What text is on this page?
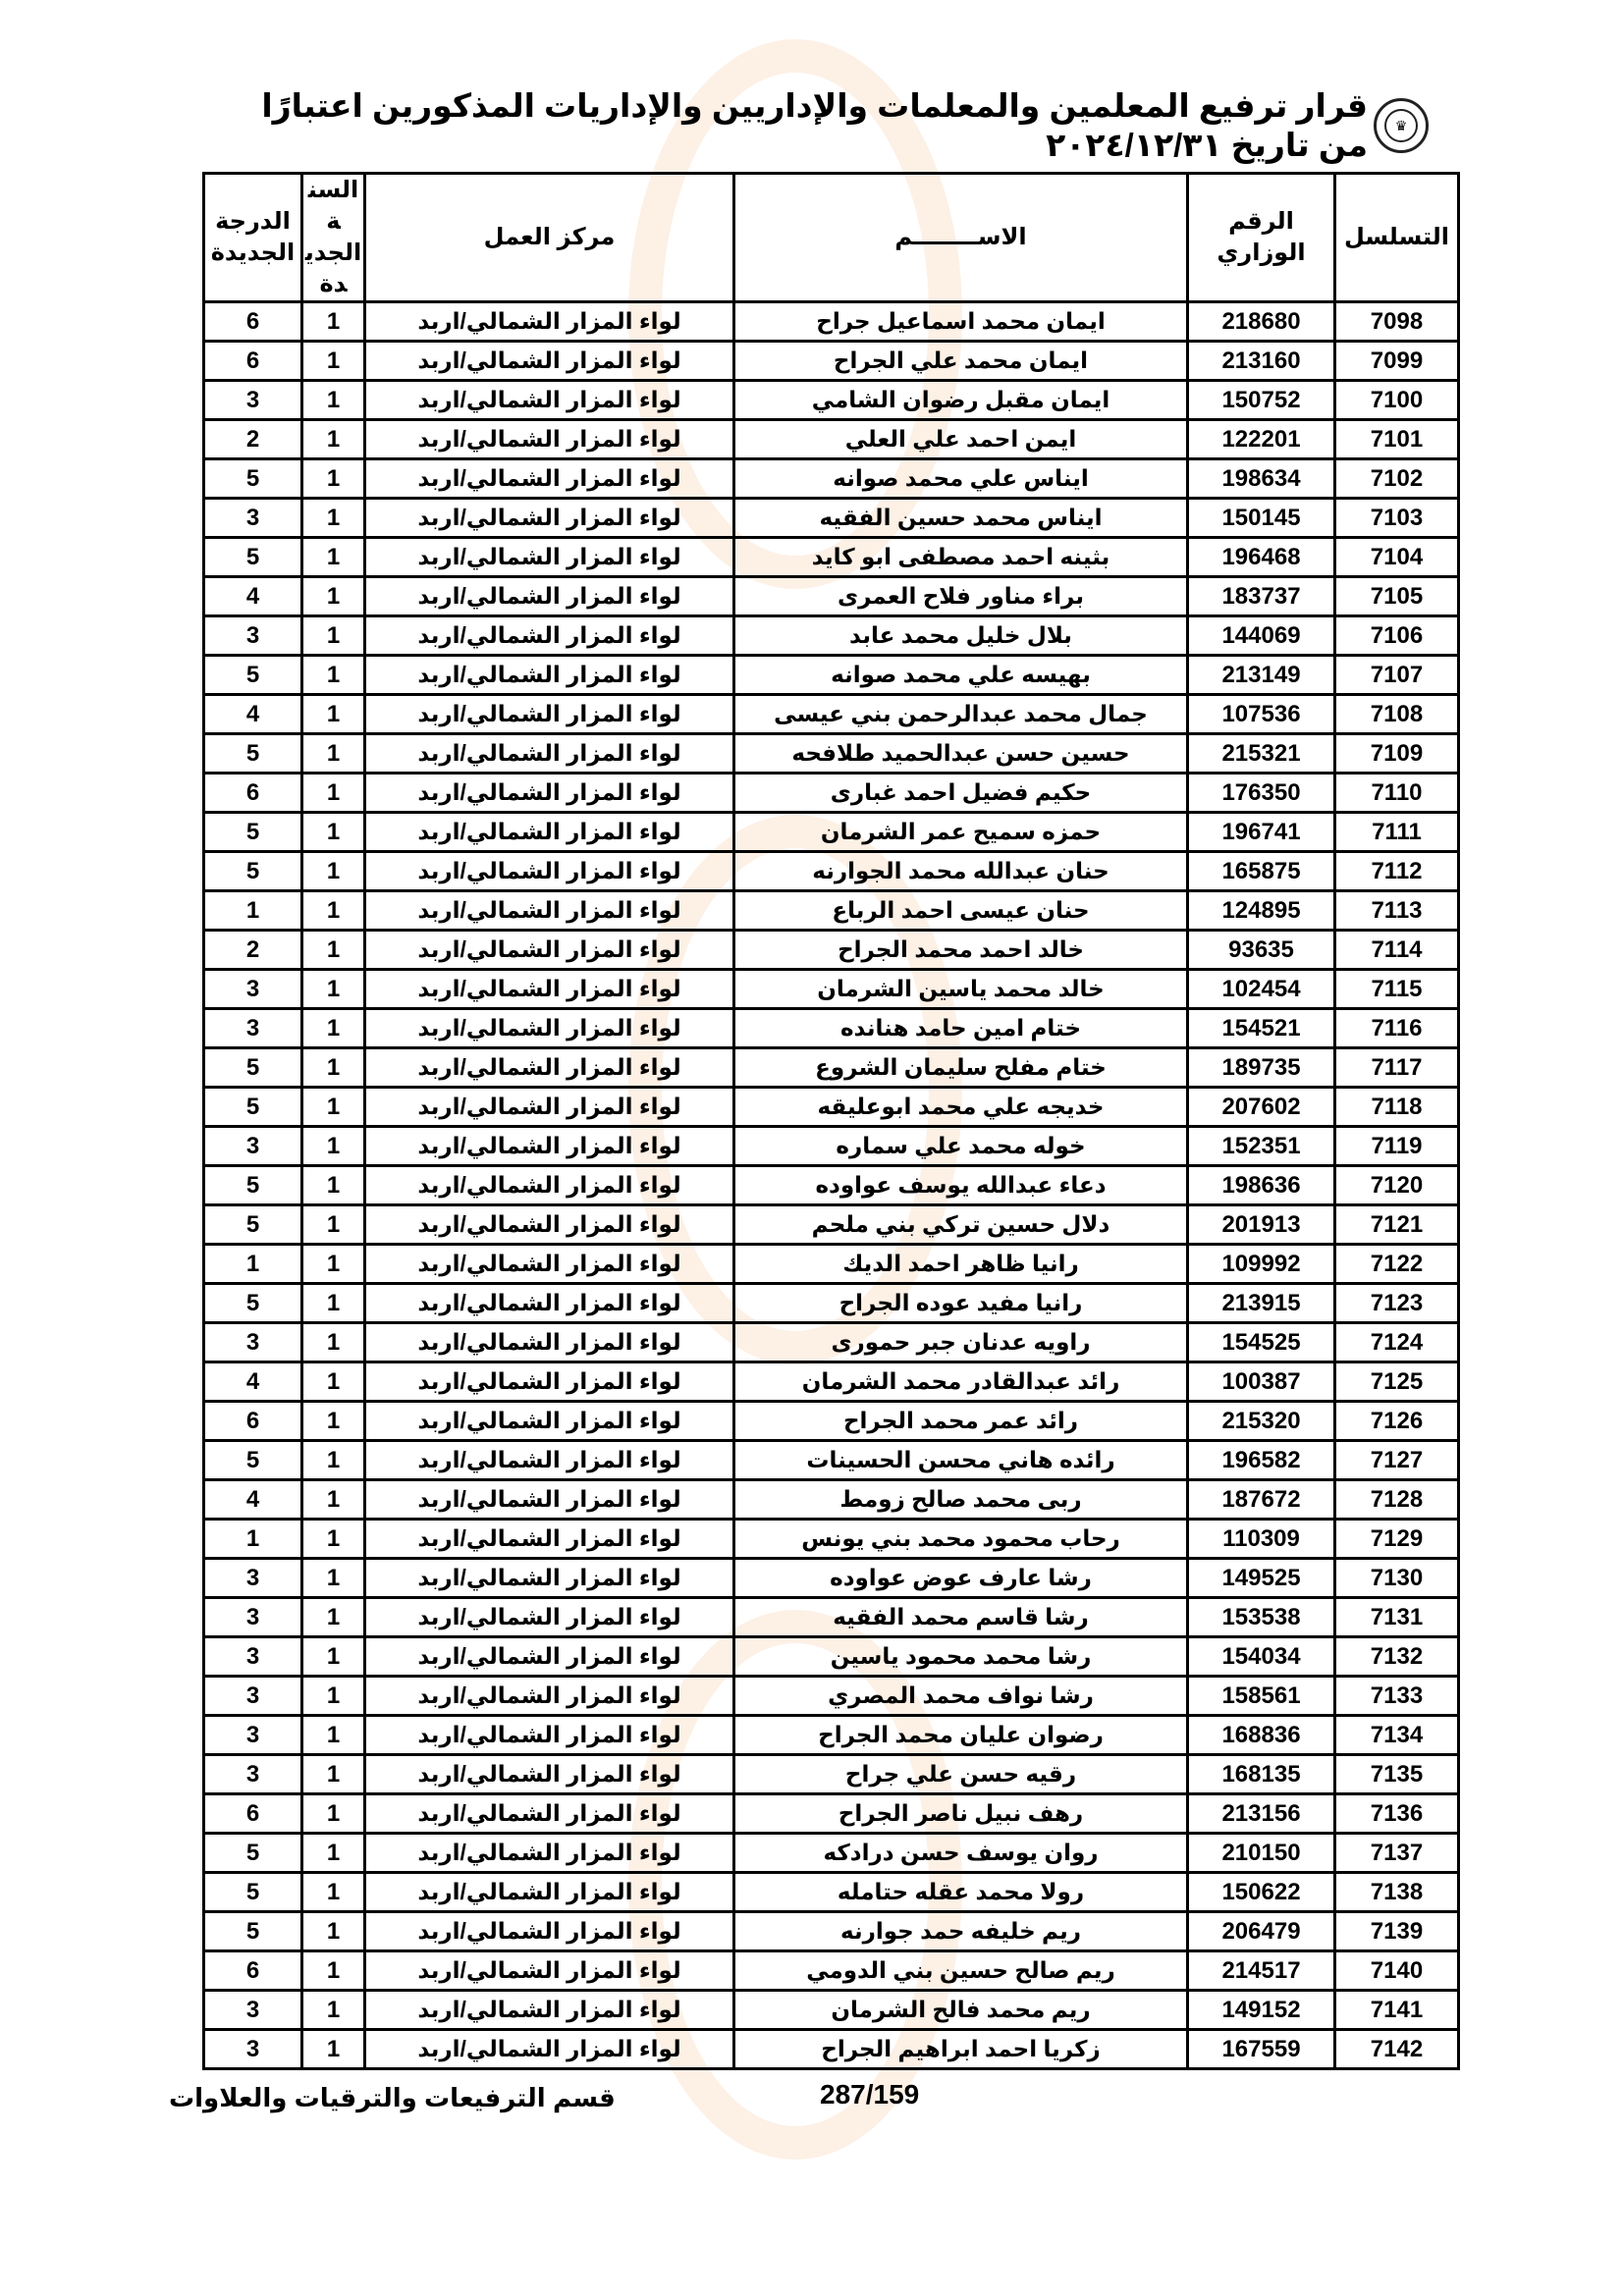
♛
قرار ترفيع المعلمين والمعلمات والإداريين والإداريات المذكورين اعتبارًا من تاريخ ٢٠٢٤/١٢/٣١
التسلسل	الرقم الوزاري	الاســــــــم	مركز العمل	السنة الجديدة	الدرجة الجديدة
7098	218680	ايمان محمد اسماعيل جراح	لواء المزار الشمالي/اربد	1	6
7099	213160	ايمان محمد علي الجراح	لواء المزار الشمالي/اربد	1	6
7100	150752	ايمان مقبل رضوان الشامي	لواء المزار الشمالي/اربد	1	3
7101	122201	ايمن احمد علي العلي	لواء المزار الشمالي/اربد	1	2
7102	198634	ايناس علي محمد صوانه	لواء المزار الشمالي/اربد	1	5
7103	150145	ايناس محمد حسين الفقيه	لواء المزار الشمالي/اربد	1	3
7104	196468	بثينه احمد مصطفى ابو كايد	لواء المزار الشمالي/اربد	1	5
7105	183737	براء مناور فلاح العمرى	لواء المزار الشمالي/اربد	1	4
7106	144069	بلال خليل محمد عابد	لواء المزار الشمالي/اربد	1	3
7107	213149	بهيسه علي محمد صوانه	لواء المزار الشمالي/اربد	1	5
7108	107536	جمال محمد عبدالرحمن بني عيسى	لواء المزار الشمالي/اربد	1	4
7109	215321	حسين حسن عبدالحميد طلافحه	لواء المزار الشمالي/اربد	1	5
7110	176350	حكيم فضيل احمد غبارى	لواء المزار الشمالي/اربد	1	6
7111	196741	حمزه سميح عمر الشرمان	لواء المزار الشمالي/اربد	1	5
7112	165875	حنان عبدالله محمد الجوارنه	لواء المزار الشمالي/اربد	1	5
7113	124895	حنان عيسى احمد الرباع	لواء المزار الشمالي/اربد	1	1
7114	93635	خالد احمد محمد الجراح	لواء المزار الشمالي/اربد	1	2
7115	102454	خالد محمد ياسين الشرمان	لواء المزار الشمالي/اربد	1	3
7116	154521	ختام امين حامد هنانده	لواء المزار الشمالي/اربد	1	3
7117	189735	ختام مفلح سليمان الشروع	لواء المزار الشمالي/اربد	1	5
7118	207602	خديجه علي محمد ابوعليقه	لواء المزار الشمالي/اربد	1	5
7119	152351	خوله محمد علي سماره	لواء المزار الشمالي/اربد	1	3
7120	198636	دعاء عبدالله يوسف عواوده	لواء المزار الشمالي/اربد	1	5
7121	201913	دلال حسين تركي بني ملحم	لواء المزار الشمالي/اربد	1	5
7122	109992	رانيا ظاهر احمد الديك	لواء المزار الشمالي/اربد	1	1
7123	213915	رانيا مفيد عوده الجراح	لواء المزار الشمالي/اربد	1	5
7124	154525	راويه عدنان جبر حمورى	لواء المزار الشمالي/اربد	1	3
7125	100387	رائد عبدالقادر محمد الشرمان	لواء المزار الشمالي/اربد	1	4
7126	215320	رائد عمر محمد الجراح	لواء المزار الشمالي/اربد	1	6
7127	196582	رائده هاني محسن الحسينات	لواء المزار الشمالي/اربد	1	5
7128	187672	ربى محمد صالح زومط	لواء المزار الشمالي/اربد	1	4
7129	110309	رحاب محمود محمد بني يونس	لواء المزار الشمالي/اربد	1	1
7130	149525	رشا عارف عوض عواوده	لواء المزار الشمالي/اربد	1	3
7131	153538	رشا قاسم محمد الفقيه	لواء المزار الشمالي/اربد	1	3
7132	154034	رشا محمد محمود ياسين	لواء المزار الشمالي/اربد	1	3
7133	158561	رشا نواف محمد المصري	لواء المزار الشمالي/اربد	1	3
7134	168836	رضوان عليان محمد الجراح	لواء المزار الشمالي/اربد	1	3
7135	168135	رقيه حسن علي جراح	لواء المزار الشمالي/اربد	1	3
7136	213156	رهف نبيل ناصر الجراح	لواء المزار الشمالي/اربد	1	6
7137	210150	روان يوسف حسن درادكه	لواء المزار الشمالي/اربد	1	5
7138	150622	رولا محمد عقله حتامله	لواء المزار الشمالي/اربد	1	5
7139	206479	ريم خليفه حمد جوارنه	لواء المزار الشمالي/اربد	1	5
7140	214517	ريم صالح حسين بني الدومي	لواء المزار الشمالي/اربد	1	6
7141	149152	ريم محمد فالح الشرمان	لواء المزار الشمالي/اربد	1	3
7142	167559	زكريا احمد ابراهيم الجراح	لواء المزار الشمالي/اربد	1	3
287/159
قسم الترفيعات والترقيات والعلاوات
